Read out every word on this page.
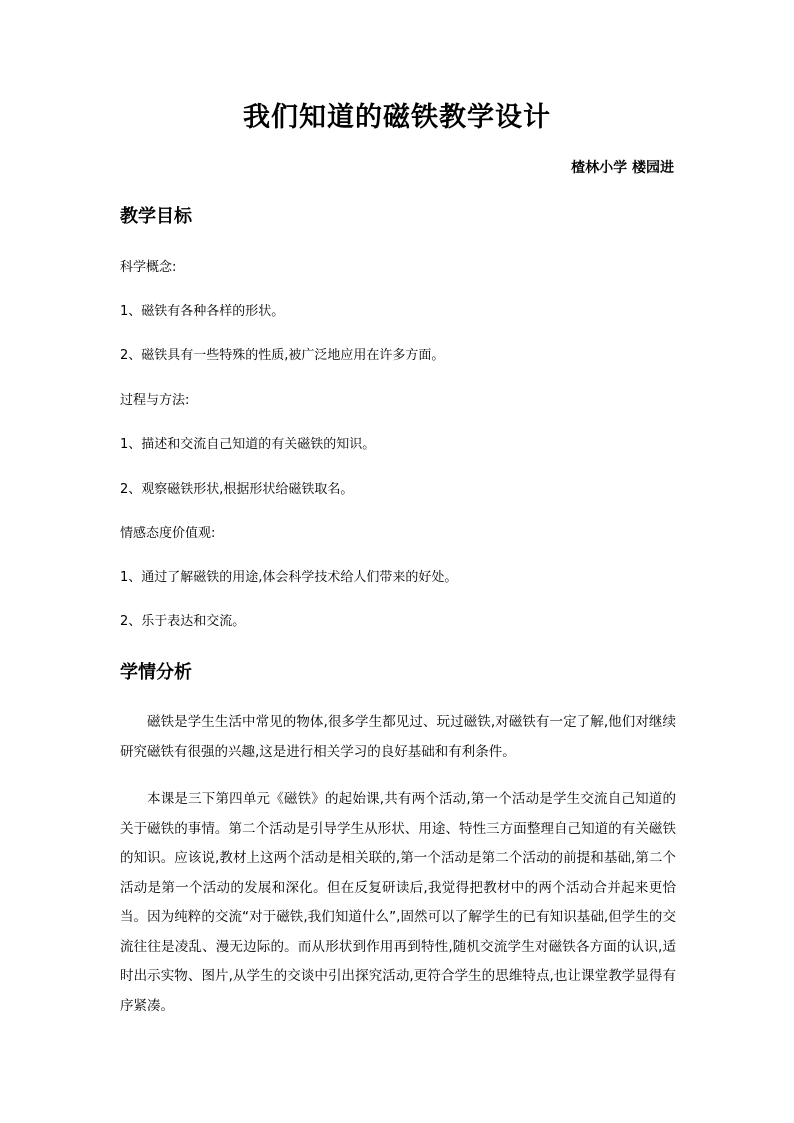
我们知道的磁铁教学设计
楂林小学 楼园进
教学目标
科学概念:
1、磁铁有各种各样的形状。
2、磁铁具有一些特殊的性质,被广泛地应用在许多方面。
过程与方法:
1、描述和交流自己知道的有关磁铁的知识。
2、观察磁铁形状,根据形状给磁铁取名。
情感态度价值观:
1、通过了解磁铁的用途,体会科学技术给人们带来的好处。
2、乐于表达和交流。
学情分析
磁铁是学生生活中常见的物体,很多学生都见过、玩过磁铁,对磁铁有一定了解,他们对继续研究磁铁有很强的兴趣,这是进行相关学习的良好基础和有利条件。
本课是三下第四单元《磁铁》的起始课,共有两个活动,第一个活动是学生交流自己知道的关于磁铁的事情。第二个活动是引导学生从形状、用途、特性三方面整理自己知道的有关磁铁的知识。应该说,教材上这两个活动是相关联的,第一个活动是第二个活动的前提和基础,第二个活动是第一个活动的发展和深化。但在反复研读后,我觉得把教材中的两个活动合并起来更恰当。因为纯粹的交流“对于磁铁,我们知道什么”,固然可以了解学生的已有知识基础,但学生的交流往往是凌乱、漫无边际的。而从形状到作用再到特性,随机交流学生对磁铁各方面的认识,适时出示实物、图片,从学生的交谈中引出探究活动,更符合学生的思维特点,也让课堂教学显得有序紧凑。
